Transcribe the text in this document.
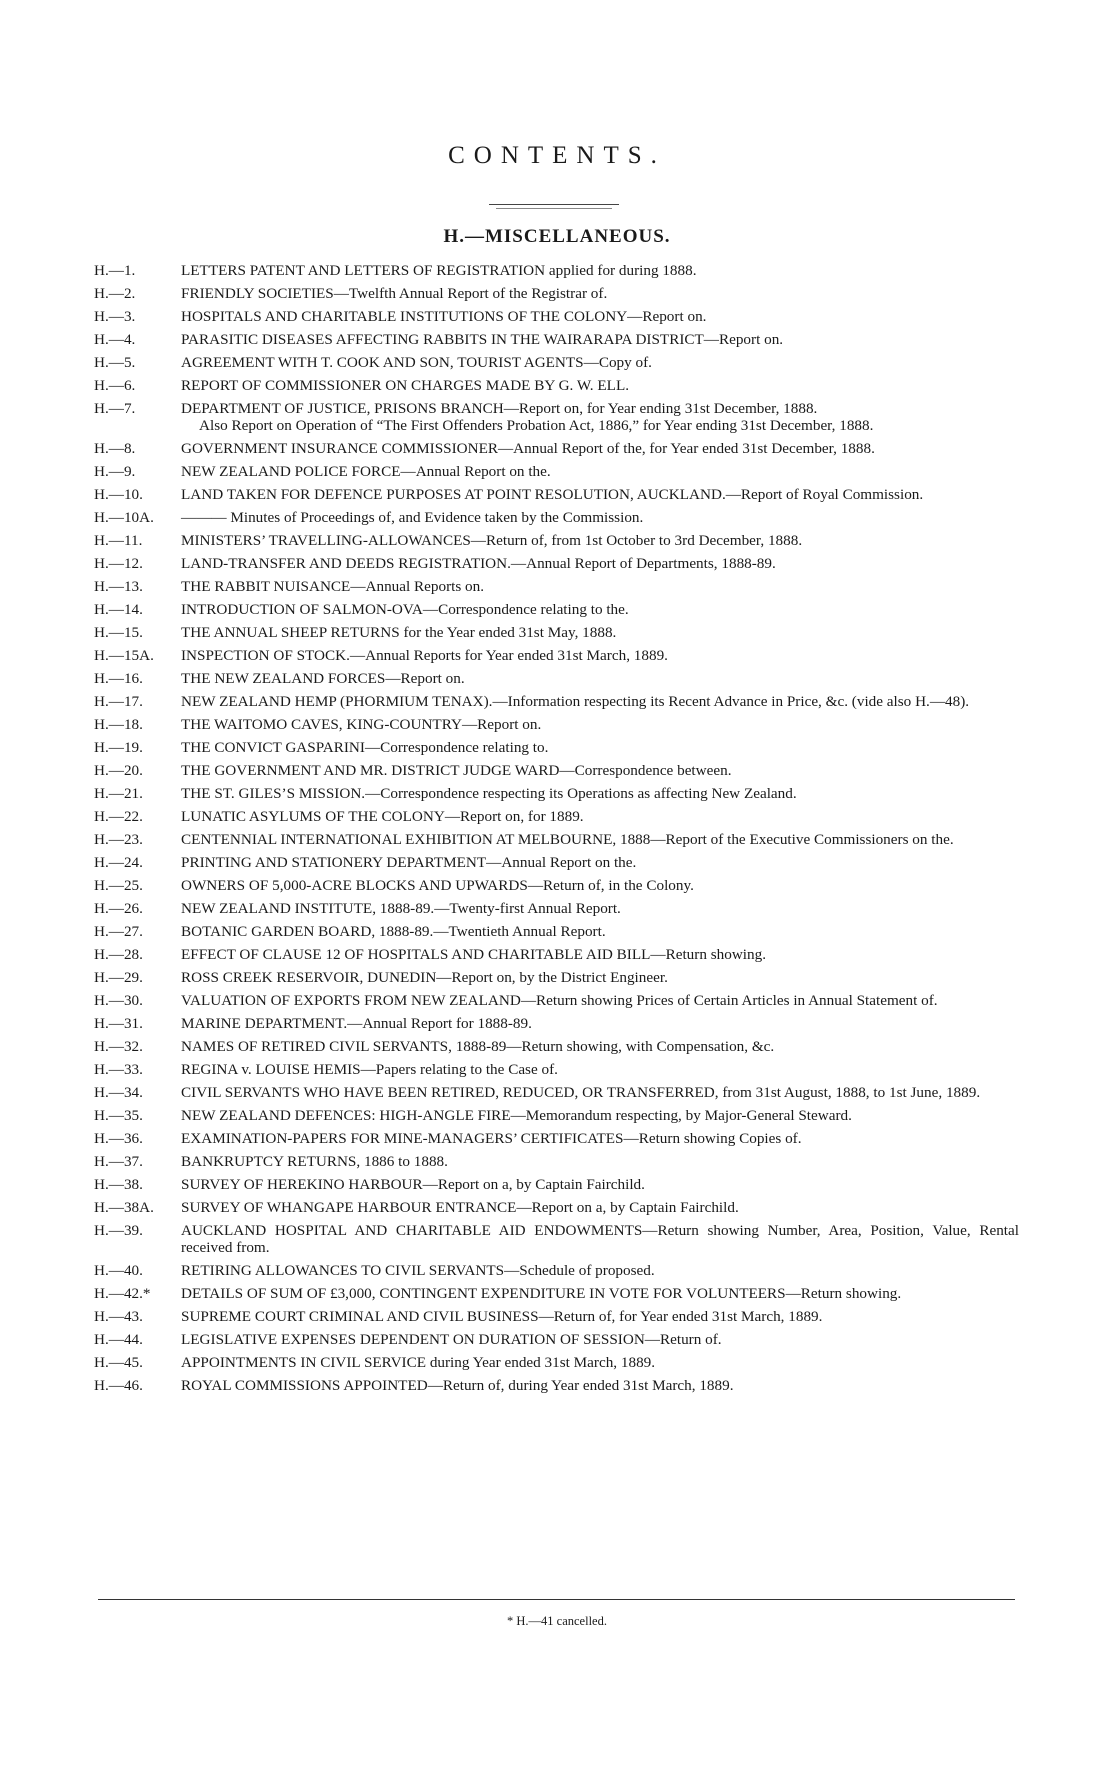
CONTENTS.
H.—MISCELLANEOUS.
H.—1.	LETTERS PATENT AND LETTERS OF REGISTRATION applied for during 1888.
H.—2.	FRIENDLY SOCIETIES—Twelfth Annual Report of the Registrar of.
H.—3.	HOSPITALS AND CHARITABLE INSTITUTIONS OF THE COLONY—Report on.
H.—4.	PARASITIC DISEASES AFFECTING RABBITS IN THE WAIRARAPA DISTRICT—Report on.
H.—5.	AGREEMENT WITH T. COOK AND SON, TOURIST AGENTS—Copy of.
H.—6.	REPORT OF COMMISSIONER ON CHARGES MADE BY G. W. ELL.
H.—7.	DEPARTMENT OF JUSTICE, PRISONS BRANCH—Report on, for Year ending 31st December, 1888.
Also Report on Operation of “The First Offenders Probation Act, 1886,” for Year ending 31st December, 1888.
H.—8.	GOVERNMENT INSURANCE COMMISSIONER—Annual Report of the, for Year ended 31st December, 1888.
H.—9.	NEW ZEALAND POLICE FORCE—Annual Report on the.
H.—10.	LAND TAKEN FOR DEFENCE PURPOSES AT POINT RESOLUTION, AUCKLAND.—Report of Royal Commission.
H.—10A.	——— Minutes of Proceedings of, and Evidence taken by the Commission.
H.—11.	MINISTERS’ TRAVELLING-ALLOWANCES—Return of, from 1st October to 3rd December, 1888.
H.—12.	LAND-TRANSFER AND DEEDS REGISTRATION.—Annual Report of Departments, 1888-89.
H.—13.	THE RABBIT NUISANCE—Annual Reports on.
H.—14.	INTRODUCTION OF SALMON-OVA—Correspondence relating to the.
H.—15.	THE ANNUAL SHEEP RETURNS for the Year ended 31st May, 1888.
H.—15A.	INSPECTION OF STOCK.—Annual Reports for Year ended 31st March, 1889.
H.—16.	THE NEW ZEALAND FORCES—Report on.
H.—17.	NEW ZEALAND HEMP (PHORMIUM TENAX).—Information respecting its Recent Advance in Price, &c. (vide also H.—48).
H.—18.	THE WAITOMO CAVES, KING-COUNTRY—Report on.
H.—19.	THE CONVICT GASPARINI—Correspondence relating to.
H.—20.	THE GOVERNMENT AND MR. DISTRICT JUDGE WARD—Correspondence between.
H.—21.	THE ST. GILES’S MISSION.—Correspondence respecting its Operations as affecting New Zealand.
H.—22.	LUNATIC ASYLUMS OF THE COLONY—Report on, for 1889.
H.—23.	CENTENNIAL INTERNATIONAL EXHIBITION AT MELBOURNE, 1888—Report of the Executive Commissioners on the.
H.—24.	PRINTING AND STATIONERY DEPARTMENT—Annual Report on the.
H.—25.	OWNERS OF 5,000-ACRE BLOCKS AND UPWARDS—Return of, in the Colony.
H.—26.	NEW ZEALAND INSTITUTE, 1888-89.—Twenty-first Annual Report.
H.—27.	BOTANIC GARDEN BOARD, 1888-89.—Twentieth Annual Report.
H.—28.	EFFECT OF CLAUSE 12 OF HOSPITALS AND CHARITABLE AID BILL—Return showing.
H.—29.	ROSS CREEK RESERVOIR, DUNEDIN—Report on, by the District Engineer.
H.—30.	VALUATION OF EXPORTS FROM NEW ZEALAND—Return showing Prices of Certain Articles in Annual Statement of.
H.—31.	MARINE DEPARTMENT.—Annual Report for 1888-89.
H.—32.	NAMES OF RETIRED CIVIL SERVANTS, 1888-89—Return showing, with Compensation, &c.
H.—33.	REGINA v. LOUISE HEMIS—Papers relating to the Case of.
H.—34.	CIVIL SERVANTS WHO HAVE BEEN RETIRED, REDUCED, OR TRANSFERRED, from 31st August, 1888, to 1st June, 1889.
H.—35.	NEW ZEALAND DEFENCES: HIGH-ANGLE FIRE—Memorandum respecting, by Major-General Steward.
H.—36.	EXAMINATION-PAPERS FOR MINE-MANAGERS’ CERTIFICATES—Return showing Copies of.
H.—37.	BANKRUPTCY RETURNS, 1886 to 1888.
H.—38.	SURVEY OF HEREKINO HARBOUR—Report on a, by Captain Fairchild.
H.—38A.	SURVEY OF WHANGAPE HARBOUR ENTRANCE—Report on a, by Captain Fairchild.
H.—39.	AUCKLAND HOSPITAL AND CHARITABLE AID ENDOWMENTS—Return showing Number, Area, Position, Value, Rental received from.
H.—40.	RETIRING ALLOWANCES TO CIVIL SERVANTS—Schedule of proposed.
H.—42.*	DETAILS OF SUM OF £3,000, CONTINGENT EXPENDITURE IN VOTE FOR VOLUNTEERS—Return showing.
H.—43.	SUPREME COURT CRIMINAL AND CIVIL BUSINESS—Return of, for Year ended 31st March, 1889.
H.—44.	LEGISLATIVE EXPENSES DEPENDENT ON DURATION OF SESSION—Return of.
H.—45.	APPOINTMENTS IN CIVIL SERVICE during Year ended 31st March, 1889.
H.—46.	ROYAL COMMISSIONS APPOINTED—Return of, during Year ended 31st March, 1889.
* H.—41 cancelled.
